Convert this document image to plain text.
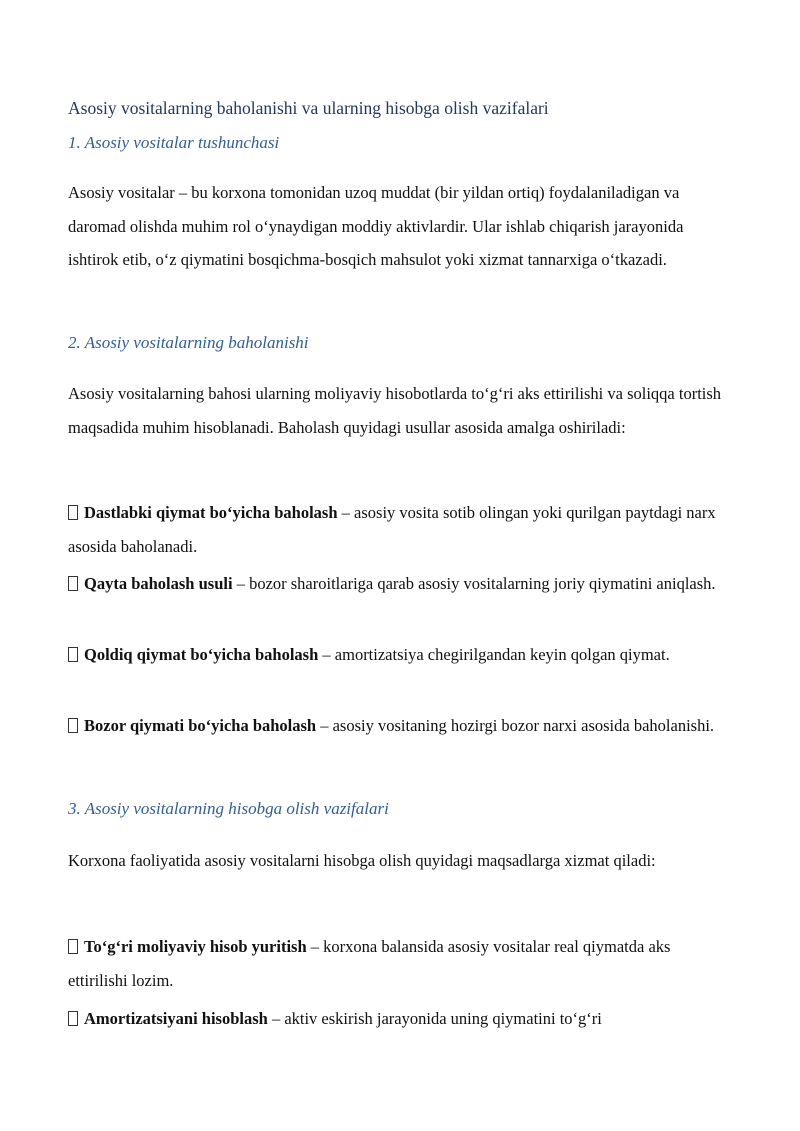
Asosiy vositalarning baholanishi va ularning hisobga olish vazifalari
1. Asosiy vositalar tushunchasi

Asosiy vositalar – bu korxona tomonidan uzoq muddat (bir yildan ortiq) foydalaniladigan va daromad olishda muhim rol o‘ynaydigan moddiy aktivlardir. Ular ishlab chiqarish jarayonida ishtirok etib, o‘z qiymatini bosqichma-bosqich mahsulot yoki xizmat tannarxiga o‘tkazadi.

2. Asosiy vositalarning baholanishi

Asosiy vositalarning bahosi ularning moliyaviy hisobotlarda to‘g‘ri aks ettirilishi va soliqqa tortish maqsadida muhim hisoblanadi. Baholash quyidagi usullar asosida amalga oshiriladi:

Dastlabki qiymat bo‘yicha baholash – asosiy vosita sotib olingan yoki qurilgan paytdagi narx asosida baholanadi.

Qayta baholash usuli – bozor sharoitlariga qarab asosiy vositalarning joriy qiymatini aniqlash.

Qoldiq qiymat bo‘yicha baholash – amortizatsiya chegirilgandan keyin qolgan qiymat.

Bozor qiymati bo‘yicha baholash – asosiy vositaning hozirgi bozor narxi asosida baholanishi.

3. Asosiy vositalarning hisobga olish vazifalari

Korxona faoliyatida asosiy vositalarni hisobga olish quyidagi maqsadlarga xizmat qiladi:

To‘g‘ri moliyaviy hisob yuritish – korxona balansida asosiy vositalar real qiymatda aks ettirilishi lozim.

Amortizatsiyani hisoblash – aktiv eskirish jarayonida uning qiymatini to‘g‘ri
